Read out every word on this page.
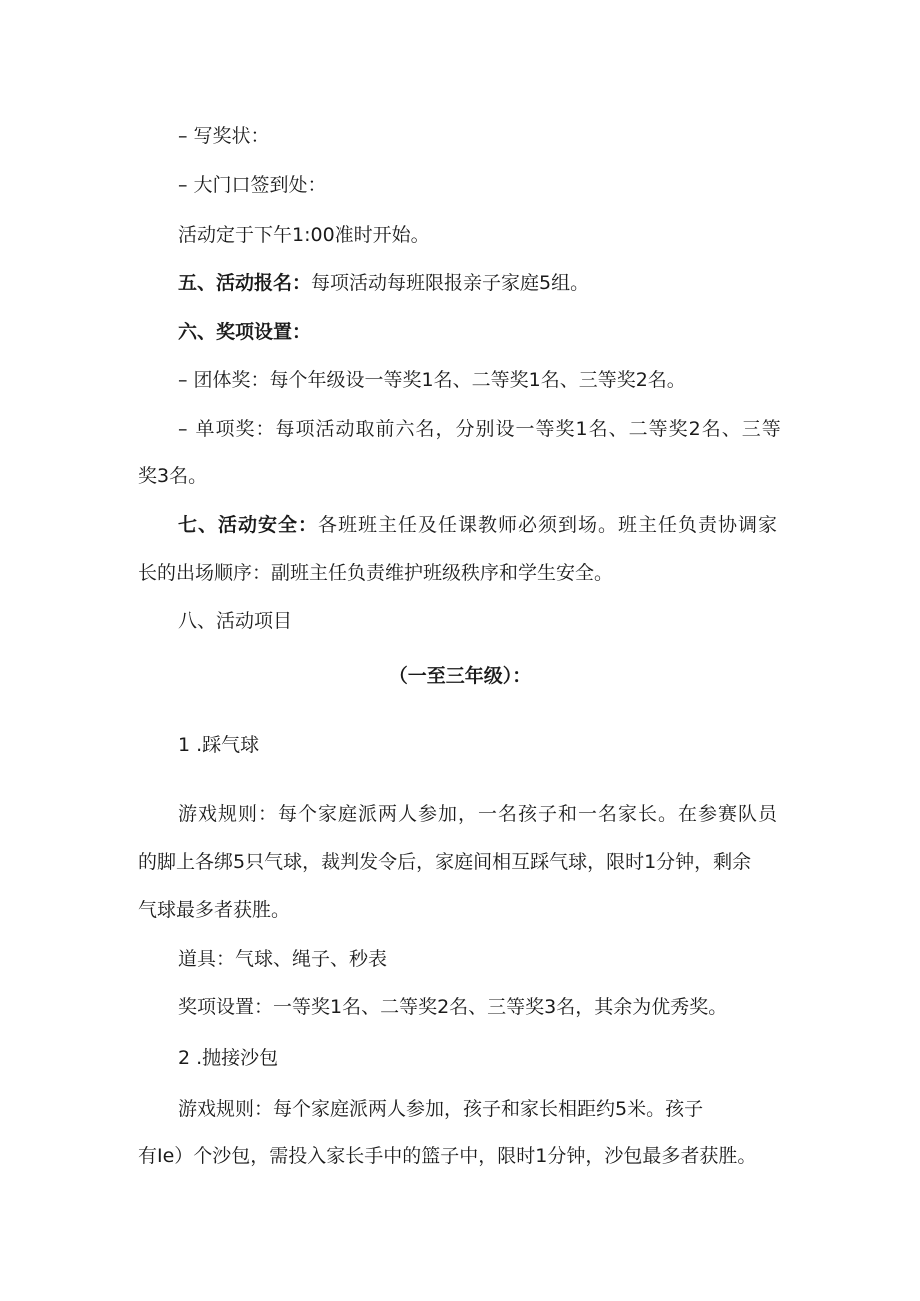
– 写奖状：
– 大门口签到处：
活动定于下午1:00准时开始。
五、活动报名：每项活动每班限报亲子家庭5组。
六、奖项设置：
– 团体奖：每个年级设一等奖1名、二等奖1名、三等奖2名。
– 单项奖：每项活动取前六名，分别设一等奖1名、二等奖2名、三等
奖3名。
七、活动安全：各班班主任及任课教师必须到场。班主任负责协调家
长的出场顺序：副班主任负责维护班级秩序和学生安全。
八、活动项目
（一至三年级）：
1 .踩气球
游戏规则：每个家庭派两人参加，一名孩子和一名家长。在参赛队员
的脚上各绑5只气球，裁判发令后，家庭间相互踩气球，限时1分钟，剩余
气球最多者获胜。
道具：气球、绳子、秒表
奖项设置：一等奖1名、二等奖2名、三等奖3名，其余为优秀奖。
2 .抛接沙包
游戏规则：每个家庭派两人参加，孩子和家长相距约5米。孩子
有Ie）个沙包，需投入家长手中的篮子中，限时1分钟，沙包最多者获胜。
